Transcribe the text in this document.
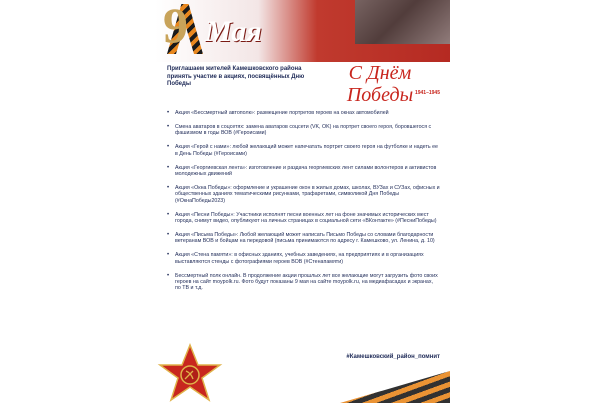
9 Мая
Приглашаем жителей Камешковского района принять участие в акциях, посвящённых Дню Победы	С Днём Победы 1941–1945
• Акция «Бессмертный автополк»: размещение портретов героев на окнах автомобилей
• Смена аватаров в соцсетях: замена аватаров соцсети (VK, OK) на портрет своего героя, боровшегося с фашизмом в годы ВОВ (#Героисами)
• Акция «Герой с нами»: любой желающий может напечатать портрет своего героя на футболке и надеть ее в День Победы (#Героисами)
• Акция «Георгиевская лента»: изготовление и раздача георгиевских лент силами волонтеров и активистов молодежных движений
• Акция «Окна Победы»: оформление и украшение окон в жилых домах, школах, ВУЗах и СУЗах, офисных и общественных зданиях тематическими рисунками, трафаретами, символикой Дня Победы (#ОкнаПобеды2023)
• Акция «Песни Победы»: Участники исполнят песни военных лет на фоне значимых исторических мест города, снимут видео, опубликуют на личных страницах в социальной сети «ВКонтакте» (#ПесниПобеды)
• Акция «Письма Победы»: Любой желающий может написать Письмо Победы со словами благодарности ветеранам ВОВ и бойцам на передовой (письма принимаются по адресу г. Камешково, ул. Ленина, д. 10)
• Акция «Стена памяти»: в офисных зданиях, учебных заведениях, на предприятиях и в организациях выставляются стенды с фотографиями героев ВОВ (#Стенапамяти)
• Бессмертный полк онлайн. В продолжение акции прошлых лет все желающие могут загрузить фото своих героев на сайт moypolk.ru. Фото будут показаны 9 мая на сайте moypolk.ru, на медиафасадах и экранах, по ТВ и т.д.
#Камешковский_район_помнит
